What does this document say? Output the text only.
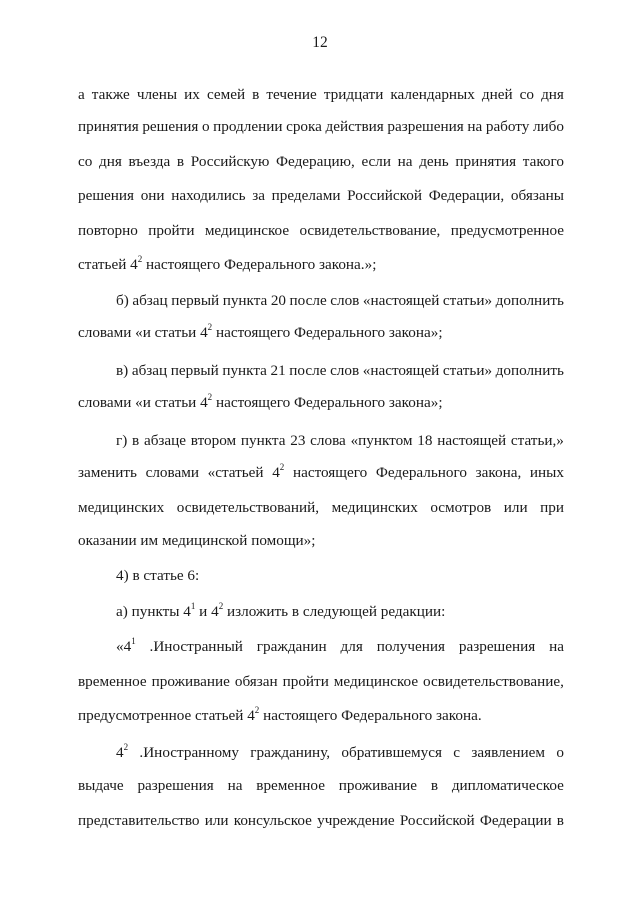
12
а также члены их семей в течение тридцати календарных дней со дня
принятия решения о продлении срока действия разрешения на работу либо
со дня въезда в Российскую Федерацию, если на день принятия такого
решения они находились за пределами Российской Федерации, обязаны
повторно пройти медицинское освидетельствование, предусмотренное
статьей $4^2$ настоящего Федерального закона.»;
б) абзац первый пункта 20 после слов «настоящей статьи» дополнить
словами «и статьи $4^2$ настоящего Федерального закона»;
в) абзац первый пункта 21 после слов «настоящей статьи» дополнить
словами «и статьи $4^2$ настоящего Федерального закона»;
г) в абзаце втором пункта 23 слова «пунктом 18 настоящей статьи,»
заменить словами «статьей $4^2$ настоящего Федерального закона, иных
медицинских освидетельствований, медицинских осмотров или при
оказании им медицинской помощи»;
4) в статье 6:
а) пункты $4^1$ и $4^2$ изложить в следующей редакции:
«$4^1$ .Иностранный гражданин для получения разрешения на
временное проживание обязан пройти медицинское освидетельствование,
предусмотренное статьей $4^2$ настоящего Федерального закона.
$4^2$ .Иностранному гражданину, обратившемуся с заявлением о
выдаче разрешения на временное проживание в дипломатическое
представительство или консульское учреждение Российской Федерации в
